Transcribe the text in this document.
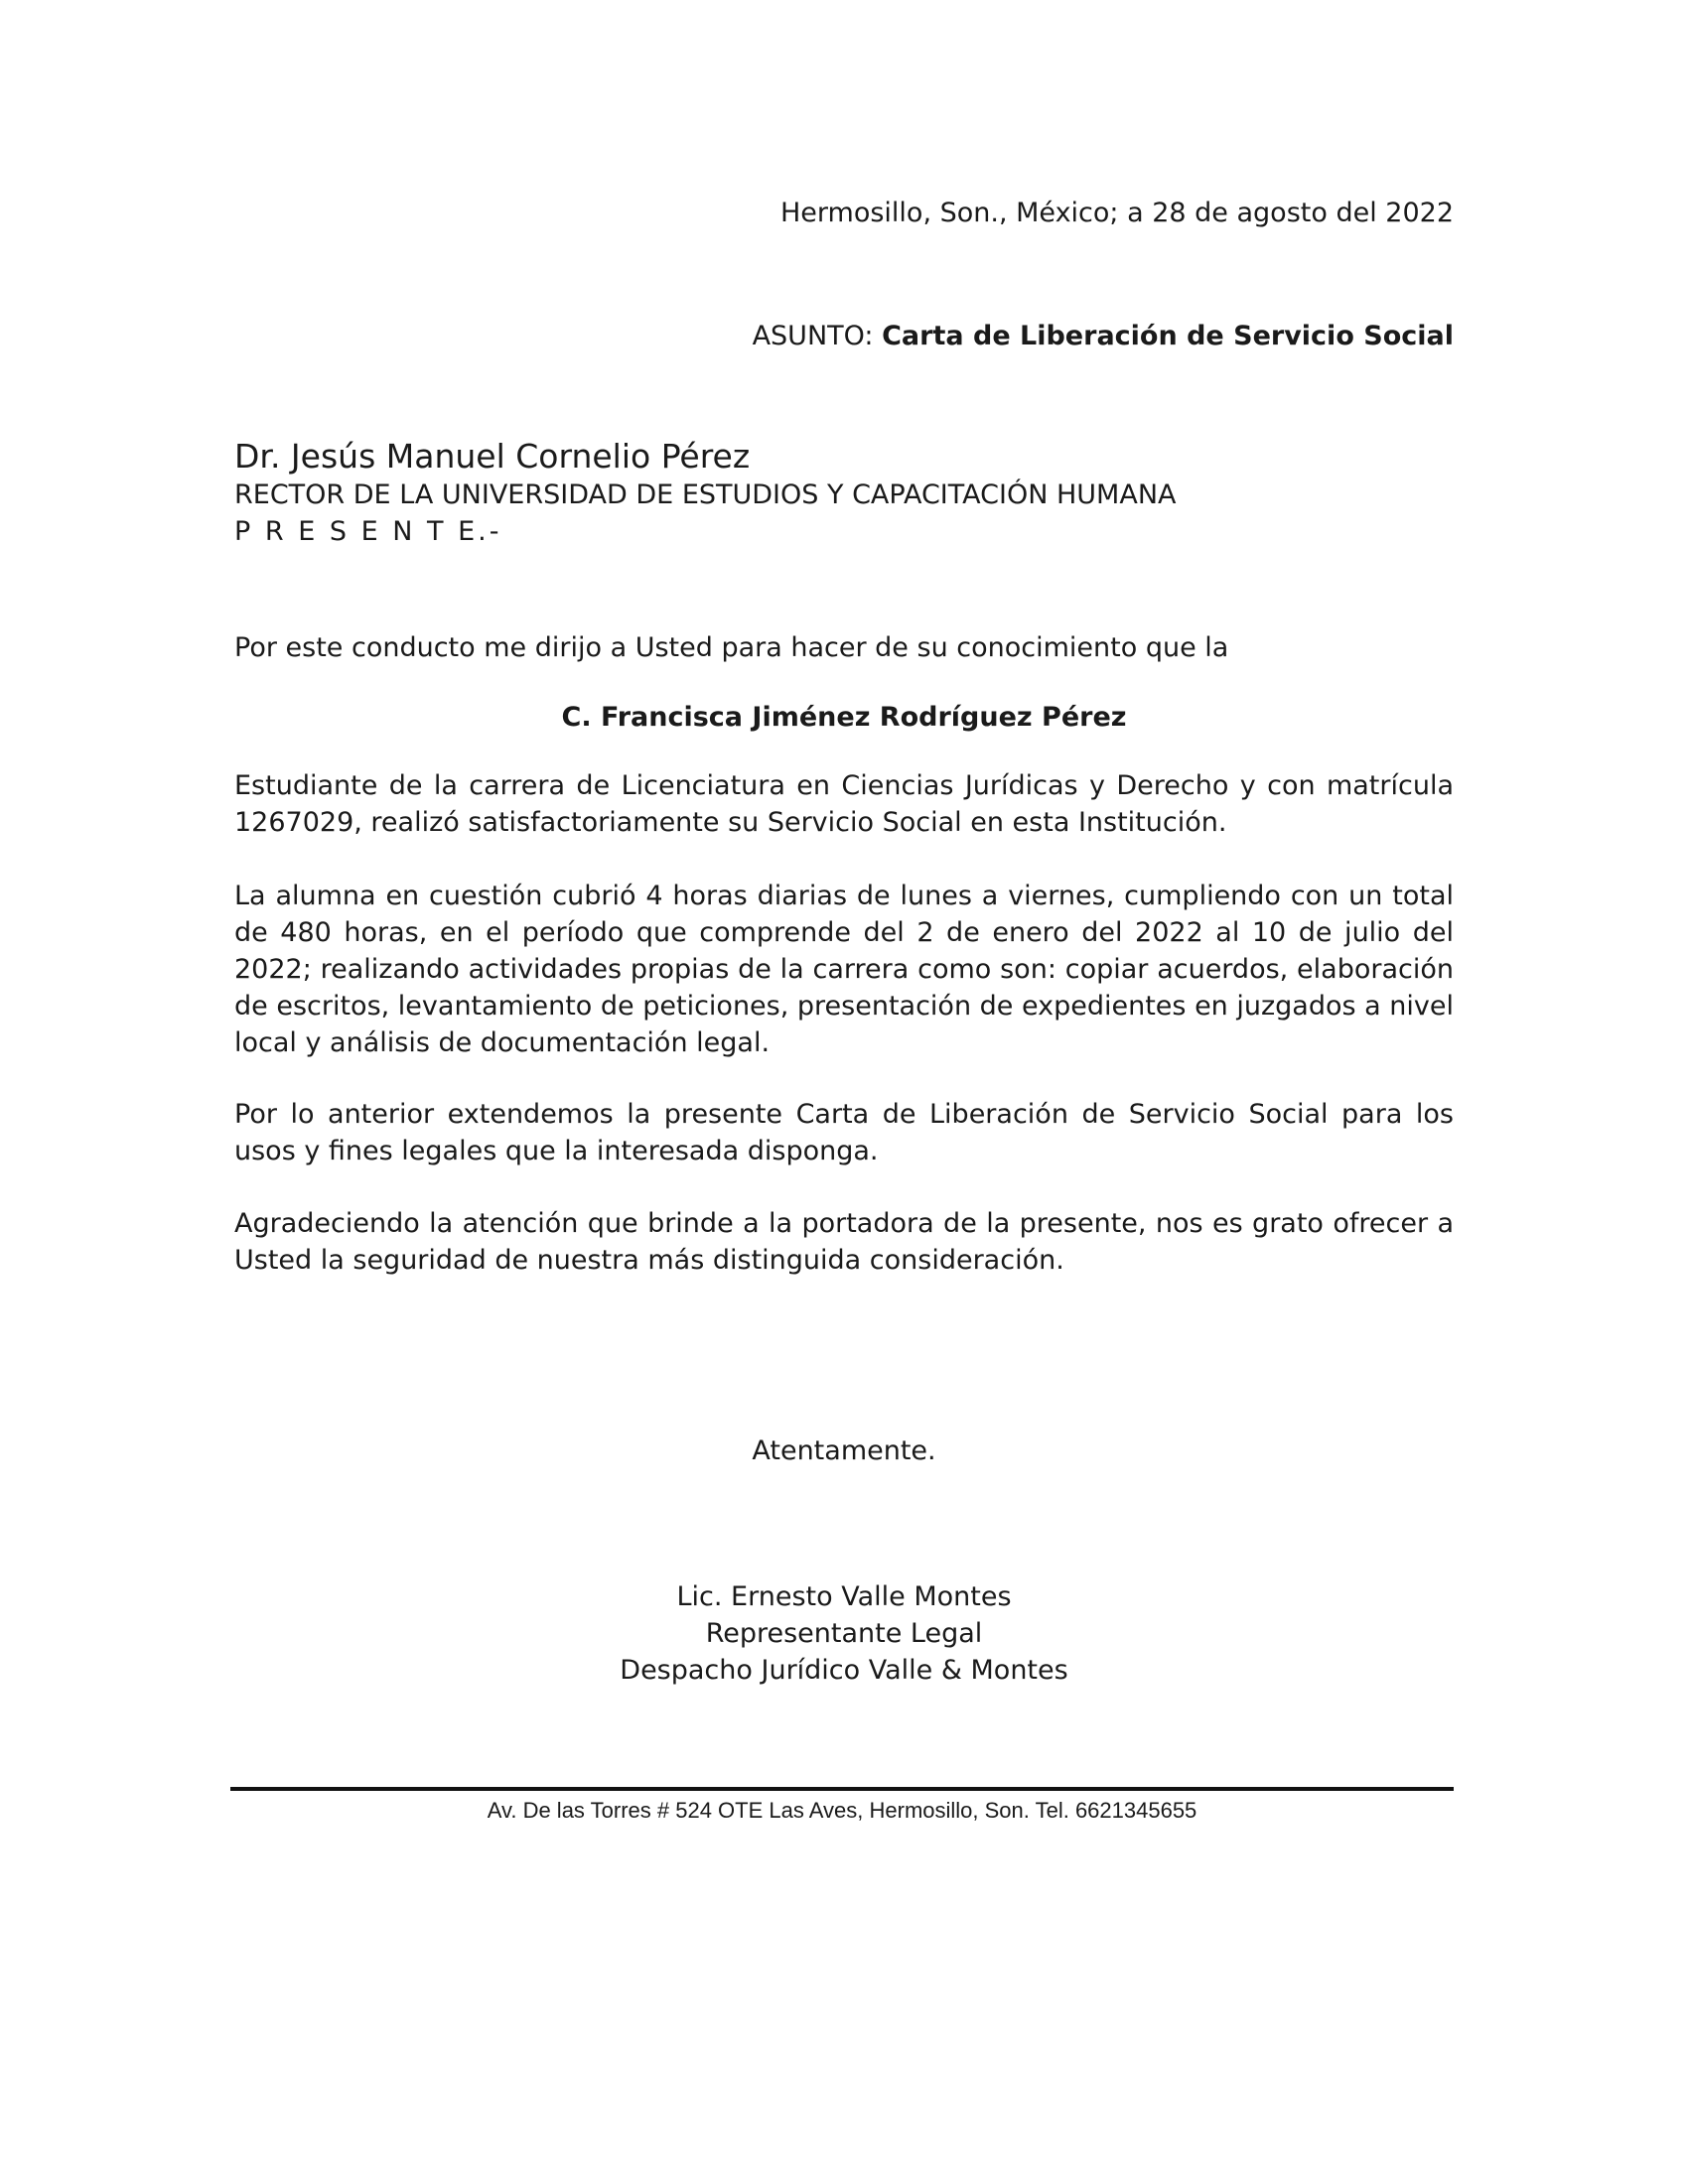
Hermosillo, Son., México; a 28 de agosto del 2022
ASUNTO: Carta de Liberación de Servicio Social
Dr. Jesús Manuel Cornelio Pérez
RECTOR DE LA UNIVERSIDAD DE ESTUDIOS Y CAPACITACIÓN HUMANA
P R E S E N T E.-
Por este conducto me dirijo a Usted para hacer de su conocimiento que la
C. Francisca Jiménez Rodríguez Pérez
Estudiante de la carrera de Licenciatura en Ciencias Jurídicas y Derecho y con matrícula 1267029, realizó satisfactoriamente su Servicio Social en esta Institución.
La alumna en cuestión cubrió 4 horas diarias de lunes a viernes, cumpliendo con un total de 480 horas, en el período que comprende del 2 de enero del 2022 al 10 de julio del 2022; realizando actividades propias de la carrera como son: copiar acuerdos, elaboración de escritos, levantamiento de peticiones, presentación de expedientes en juzgados a nivel local y análisis de documentación legal.
Por lo anterior extendemos la presente Carta de Liberación de Servicio Social para los usos y fines legales que la interesada disponga.
Agradeciendo la atención que brinde a la portadora de la presente, nos es grato ofrecer a Usted la seguridad de nuestra más distinguida consideración.
Atentamente.
Lic. Ernesto Valle Montes
Representante Legal
Despacho Jurídico Valle & Montes
Av. De las Torres # 524 OTE Las Aves, Hermosillo, Son. Tel. 6621345655
